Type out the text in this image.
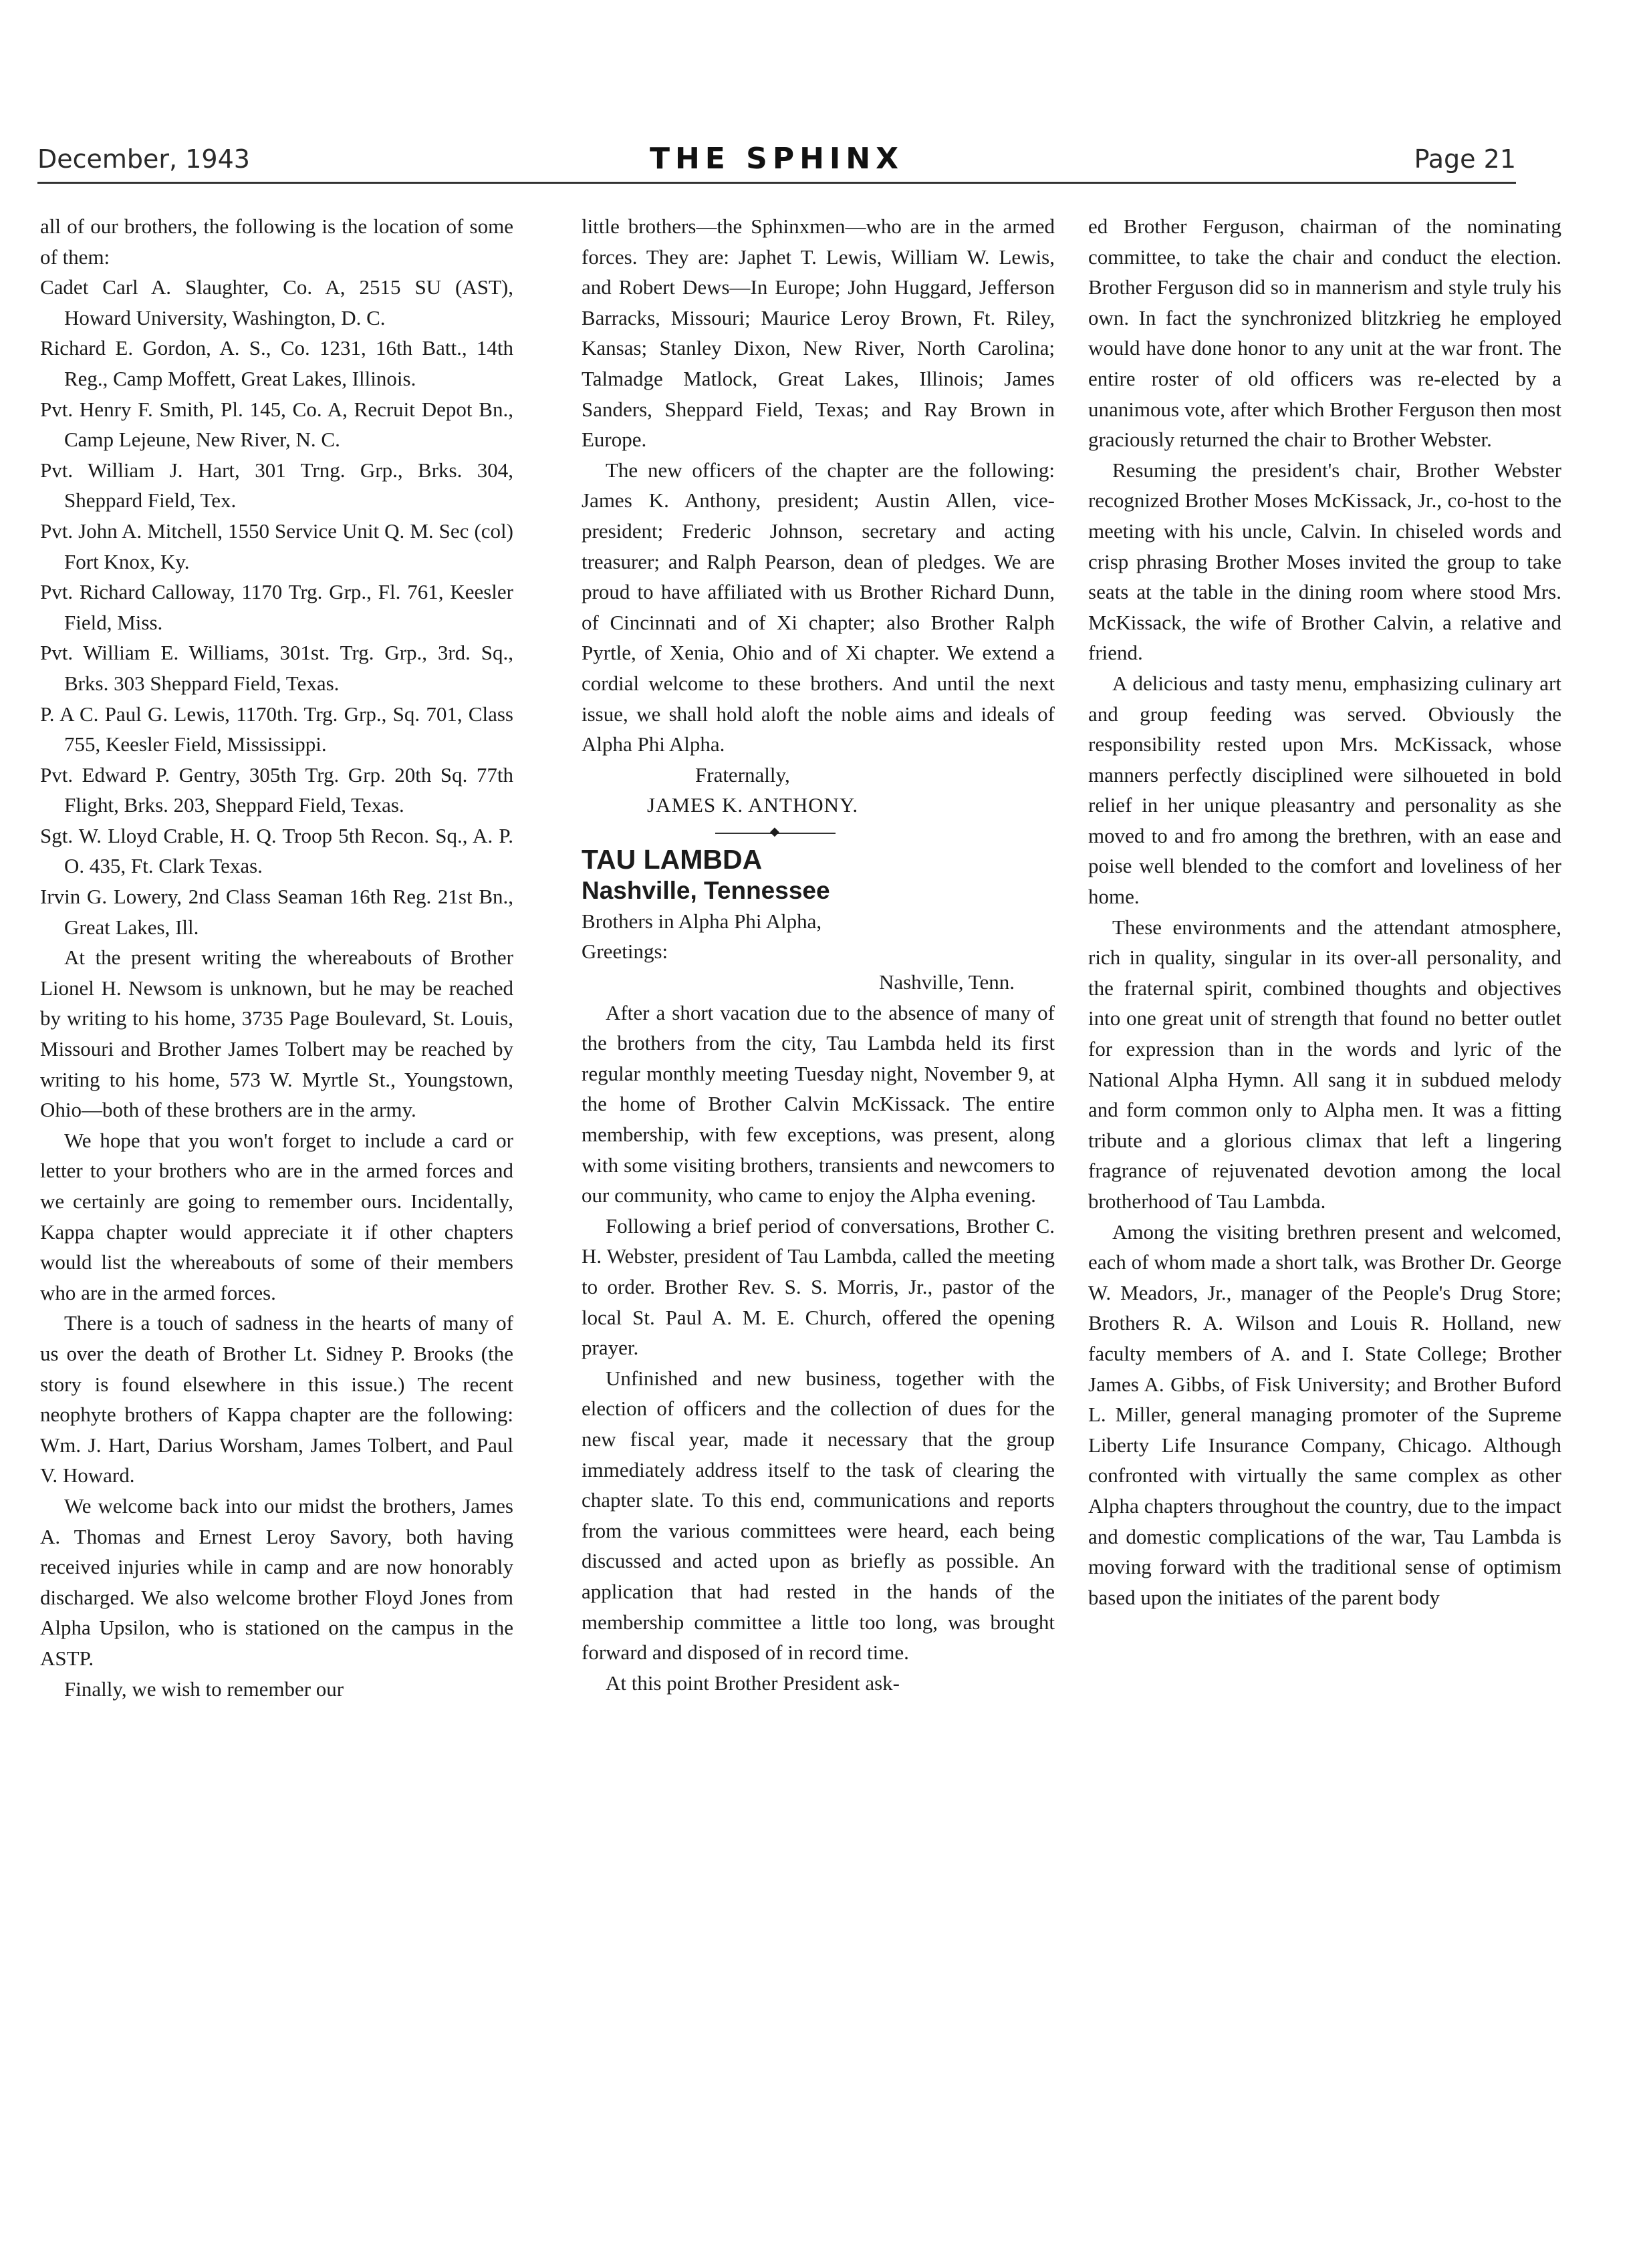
December, 1943	THE SPHINX	Page 21

all of our brothers, the following is the location of some of them:

Cadet Carl A. Slaughter, Co. A, 2515 SU (AST), Howard University, Washington, D. C.

Richard E. Gordon, A. S., Co. 1231, 16th Batt., 14th Reg., Camp Moffett, Great Lakes, Illinois.

Pvt. Henry F. Smith, Pl. 145, Co. A, Recruit Depot Bn., Camp Lejeune, New River, N. C.

Pvt. William J. Hart, 301 Trng. Grp., Brks. 304, Sheppard Field, Tex.

Pvt. John A. Mitchell, 1550 Service Unit Q. M. Sec (col) Fort Knox, Ky.

Pvt. Richard Calloway, 1170 Trg. Grp., Fl. 761, Keesler Field, Miss.

Pvt. William E. Williams, 301st. Trg. Grp., 3rd. Sq., Brks. 303 Sheppard Field, Texas.

P. A C. Paul G. Lewis, 1170th. Trg. Grp., Sq. 701, Class 755, Keesler Field, Mississippi.

Pvt. Edward P. Gentry, 305th Trg. Grp. 20th Sq. 77th Flight, Brks. 203, Sheppard Field, Texas.

Sgt. W. Lloyd Crable, H. Q. Troop 5th Recon. Sq., A. P. O. 435, Ft. Clark Texas.

Irvin G. Lowery, 2nd Class Seaman 16th Reg. 21st Bn., Great Lakes, Ill.

At the present writing the whereabouts of Brother Lionel H. Newsom is unknown, but he may be reached by writing to his home, 3735 Page Boulevard, St. Louis, Missouri and Brother James Tolbert may be reached by writing to his home, 573 W. Myrtle St., Youngstown, Ohio—both of these brothers are in the army.

We hope that you won't forget to include a card or letter to your brothers who are in the armed forces and we certainly are going to remember ours. Incidentally, Kappa chapter would appreciate it if other chapters would list the whereabouts of some of their members who are in the armed forces.

There is a touch of sadness in the hearts of many of us over the death of Brother Lt. Sidney P. Brooks (the story is found elsewhere in this issue.) The recent neophyte brothers of Kappa chapter are the following: Wm. J. Hart, Darius Worsham, James Tolbert, and Paul V. Howard.

We welcome back into our midst the brothers, James A. Thomas and Ernest Leroy Savory, both having received injuries while in camp and are now honorably discharged. We also welcome brother Floyd Jones from Alpha Upsilon, who is stationed on the campus in the ASTP.

Finally, we wish to remember our

little brothers—the Sphinxmen—who are in the armed forces. They are: Japhet T. Lewis, William W. Lewis, and Robert Dews—In Europe; John Huggard, Jefferson Barracks, Missouri; Maurice Leroy Brown, Ft. Riley, Kansas; Stanley Dixon, New River, North Carolina; Talmadge Matlock, Great Lakes, Illinois; James Sanders, Sheppard Field, Texas; and Ray Brown in Europe.

The new officers of the chapter are the following: James K. Anthony, president; Austin Allen, vice-president; Frederic Johnson, secretary and acting treasurer; and Ralph Pearson, dean of pledges. We are proud to have affiliated with us Brother Richard Dunn, of Cincinnati and of Xi chapter; also Brother Ralph Pyrtle, of Xenia, Ohio and of Xi chapter. We extend a cordial welcome to these brothers. And until the next issue, we shall hold aloft the noble aims and ideals of Alpha Phi Alpha.

Fraternally,

JAMES K. ANTHONY.

◆

TAU LAMBDA

Nashville, Tennessee

Brothers in Alpha Phi Alpha,

Greetings:

Nashville, Tenn.

After a short vacation due to the absence of many of the brothers from the city, Tau Lambda held its first regular monthly meeting Tuesday night, November 9, at the home of Brother Calvin McKissack. The entire membership, with few exceptions, was present, along with some visiting brothers, transients and newcomers to our community, who came to enjoy the Alpha evening.

Following a brief period of conversations, Brother C. H. Webster, president of Tau Lambda, called the meeting to order. Brother Rev. S. S. Morris, Jr., pastor of the local St. Paul A. M. E. Church, offered the opening prayer.

Unfinished and new business, together with the election of officers and the collection of dues for the new fiscal year, made it necessary that the group immediately address itself to the task of clearing the chapter slate. To this end, communications and reports from the various committees were heard, each being discussed and acted upon as briefly as possible. An application that had rested in the hands of the membership committee a little too long, was brought forward and disposed of in record time.

At this point Brother President ask-

ed Brother Ferguson, chairman of the nominating committee, to take the chair and conduct the election. Brother Ferguson did so in mannerism and style truly his own. In fact the synchronized blitzkrieg he employed would have done honor to any unit at the war front. The entire roster of old officers was re-elected by a unanimous vote, after which Brother Ferguson then most graciously returned the chair to Brother Webster.

Resuming the president's chair, Brother Webster recognized Brother Moses McKissack, Jr., co-host to the meeting with his uncle, Calvin. In chiseled words and crisp phrasing Brother Moses invited the group to take seats at the table in the dining room where stood Mrs. McKissack, the wife of Brother Calvin, a relative and friend.

A delicious and tasty menu, emphasizing culinary art and group feeding was served. Obviously the responsibility rested upon Mrs. McKissack, whose manners perfectly disciplined were silhoueted in bold relief in her unique pleasantry and personality as she moved to and fro among the brethren, with an ease and poise well blended to the comfort and loveliness of her home.

These environments and the attendant atmosphere, rich in quality, singular in its over-all personality, and the fraternal spirit, combined thoughts and objectives into one great unit of strength that found no better outlet for expression than in the words and lyric of the National Alpha Hymn. All sang it in subdued melody and form common only to Alpha men. It was a fitting tribute and a glorious climax that left a lingering fragrance of rejuvenated devotion among the local brotherhood of Tau Lambda.

Among the visiting brethren present and welcomed, each of whom made a short talk, was Brother Dr. George W. Meadors, Jr., manager of the People's Drug Store; Brothers R. A. Wilson and Louis R. Holland, new faculty members of A. and I. State College; Brother James A. Gibbs, of Fisk University; and Brother Buford L. Miller, general managing promoter of the Supreme Liberty Life Insurance Company, Chicago. Although confronted with virtually the same complex as other Alpha chapters throughout the country, due to the impact and domestic complications of the war, Tau Lambda is moving forward with the traditional sense of optimism based upon the initiates of the parent body
